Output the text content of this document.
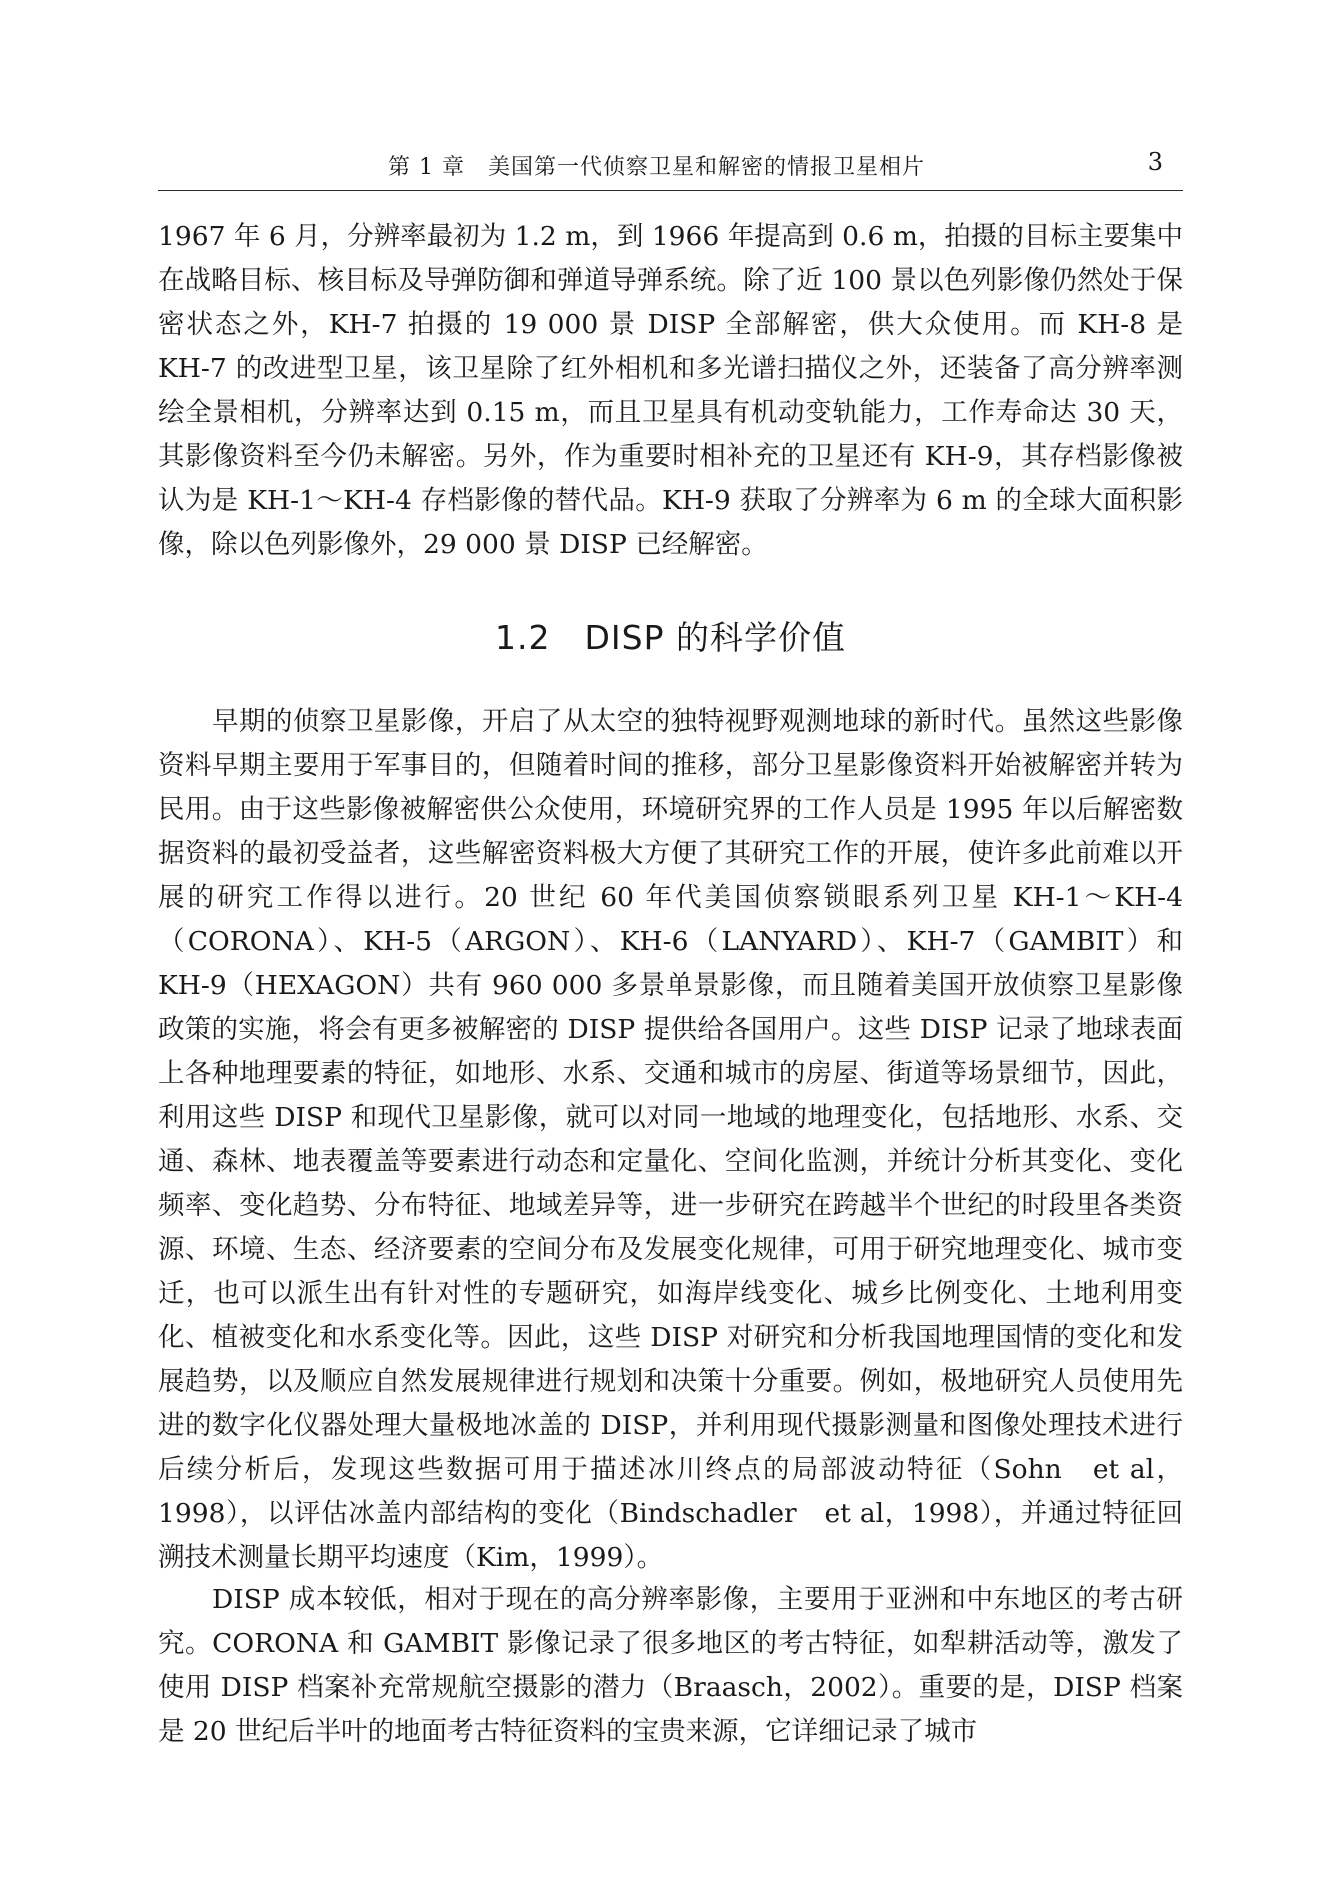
第 1 章　美国第一代侦察卫星和解密的情报卫星相片	3

1967 年 6 月，分辨率最初为 1.2 m，到 1966 年提高到 0.6 m，拍摄的目标主要集中在战略目标、核目标及导弹防御和弹道导弹系统。除了近 100 景以色列影像仍然处于保密状态之外，KH-7 拍摄的 19 000 景 DISP 全部解密，供大众使用。而 KH-8 是 KH-7 的改进型卫星，该卫星除了红外相机和多光谱扫描仪之外，还装备了高分辨率测绘全景相机，分辨率达到 0.15 m，而且卫星具有机动变轨能力，工作寿命达 30 天，其影像资料至今仍未解密。另外，作为重要时相补充的卫星还有 KH-9，其存档影像被认为是 KH-1～KH-4 存档影像的替代品。KH-9 获取了分辨率为 6 m 的全球大面积影像，除以色列影像外，29 000 景 DISP 已经解密。

1.2　DISP 的科学价值

早期的侦察卫星影像，开启了从太空的独特视野观测地球的新时代。虽然这些影像资料早期主要用于军事目的，但随着时间的推移，部分卫星影像资料开始被解密并转为民用。由于这些影像被解密供公众使用，环境研究界的工作人员是 1995 年以后解密数据资料的最初受益者，这些解密资料极大方便了其研究工作的开展，使许多此前难以开展的研究工作得以进行。20 世纪 60 年代美国侦察锁眼系列卫星 KH-1～KH-4（CORONA）、KH-5（ARGON）、KH-6（LANYARD）、KH-7（GAMBIT）和 KH-9（HEXAGON）共有 960 000 多景单景影像，而且随着美国开放侦察卫星影像政策的实施，将会有更多被解密的 DISP 提供给各国用户。这些 DISP 记录了地球表面上各种地理要素的特征，如地形、水系、交通和城市的房屋、街道等场景细节，因此，利用这些 DISP 和现代卫星影像，就可以对同一地域的地理变化，包括地形、水系、交通、森林、地表覆盖等要素进行动态和定量化、空间化监测，并统计分析其变化、变化频率、变化趋势、分布特征、地域差异等，进一步研究在跨越半个世纪的时段里各类资源、环境、生态、经济要素的空间分布及发展变化规律，可用于研究地理变化、城市变迁，也可以派生出有针对性的专题研究，如海岸线变化、城乡比例变化、土地利用变化、植被变化和水系变化等。因此，这些 DISP 对研究和分析我国地理国情的变化和发展趋势，以及顺应自然发展规律进行规划和决策十分重要。例如，极地研究人员使用先进的数字化仪器处理大量极地冰盖的 DISP，并利用现代摄影测量和图像处理技术进行后续分析后，发现这些数据可用于描述冰川终点的局部波动特征（Sohn　et al，1998），以评估冰盖内部结构的变化（Bindschadler　et al，1998），并通过特征回溯技术测量长期平均速度（Kim，1999）。

DISP 成本较低，相对于现在的高分辨率影像，主要用于亚洲和中东地区的考古研究。CORONA 和 GAMBIT 影像记录了很多地区的考古特征，如犁耕活动等，激发了使用 DISP 档案补充常规航空摄影的潜力（Braasch，2002）。重要的是，DISP 档案是 20 世纪后半叶的地面考古特征资料的宝贵来源，它详细记录了城市
